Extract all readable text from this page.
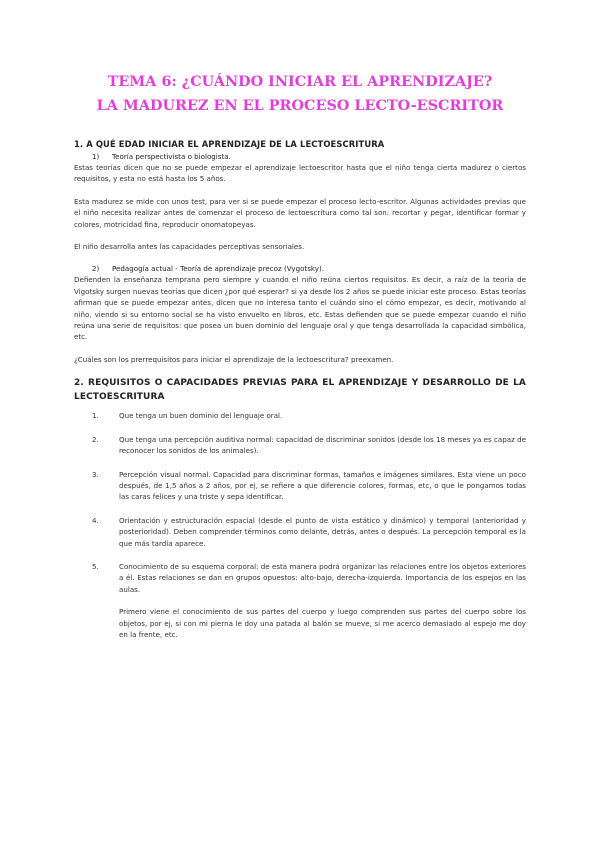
TEMA 6: ¿CUÁNDO INICIAR EL APRENDIZAJE?
LA MADUREZ EN EL PROCESO LECTO-ESCRITOR
1. A QUÉ EDAD INICIAR EL APRENDIZAJE DE LA LECTOESCRITURA
1) Teoría perspectivista o biologista.

Estas teorías dicen que no se puede empezar el aprendizaje lectoescritor hasta que el niño tenga cierta madurez o ciertos requisitos, y esta no está hasta los 5 años.

Esta madurez se mide con unos test, para ver si se puede empezar el proceso lecto-escritor. Algunas actividades previas que el niño necesita realizar antes de comenzar el proceso de lectoescritura como tal son: recortar y pegar, identificar formar y colores, motricidad fina, reproducir onomatopeyas.

El niño desarrolla antes las capacidades perceptivas sensoriales.

2) Pedagogía actual - Teoría de aprendizaje precoz (Vygotsky).

Defienden la enseñanza temprana pero siempre y cuando el niño reúna ciertos requisitos. Es decir, a raíz de la teoría de Vigotsky surgen nuevas teorías que dicen ¿por qué esperar? si ya desde los 2 años se puede iniciar este proceso. Estas teorías afirman que se puede empezar antes, dicen que no interesa tanto el cuándo sino el cómo empezar, es decir, motivando al niño, viendo si su entorno social se ha visto envuelto en libros, etc. Estas defienden que se puede empezar cuando el niño reúna una serie de requisitos: que posea un buen dominio del lenguaje oral y que tenga desarrollada la capacidad simbólica, etc.

¿Cuáles son los prerrequisitos para iniciar el aprendizaje de la lectoescritura? preexamen.

2. REQUISITOS O CAPACIDADES PREVIAS PARA EL APRENDIZAJE Y DESARROLLO DE LA LECTOESCRITURA
1.	Que tenga un buen dominio del lenguaje oral.
2.	Que tenga una percepción auditiva normal: capacidad de discriminar sonidos (desde los 18 meses ya es capaz de reconocer los sonidos de los animales).
3.	Percepción visual normal. Capacidad para discriminar formas, tamaños e imágenes similares. Esta viene un poco después, de 1,5 años a 2 años, por ej, se refiere a que diferencie colores, formas, etc, o que le pongamos todas las caras felices y una triste y sepa identificar.
4.	Orientación y estructuración espacial (desde el punto de vista estático y dinámico) y temporal (anterioridad y posterioridad). Deben comprender términos como delante, detrás, antes o después. La percepción temporal es la que más tardía aparece.
5.	Conocimiento de su esquema corporal: de esta manera podrá organizar las relaciones entre los objetos exteriores a él. Estas relaciones se dan en grupos opuestos: alto-bajo, derecha-izquierda. Importancia de los espejos en las aulas.

Primero viene el conocimiento de sus partes del cuerpo y luego comprenden sus partes del cuerpo sobre los objetos, por ej, si con mi pierna le doy una patada al balón se mueve, si me acerco demasiado al espejo me doy en la frente, etc.
